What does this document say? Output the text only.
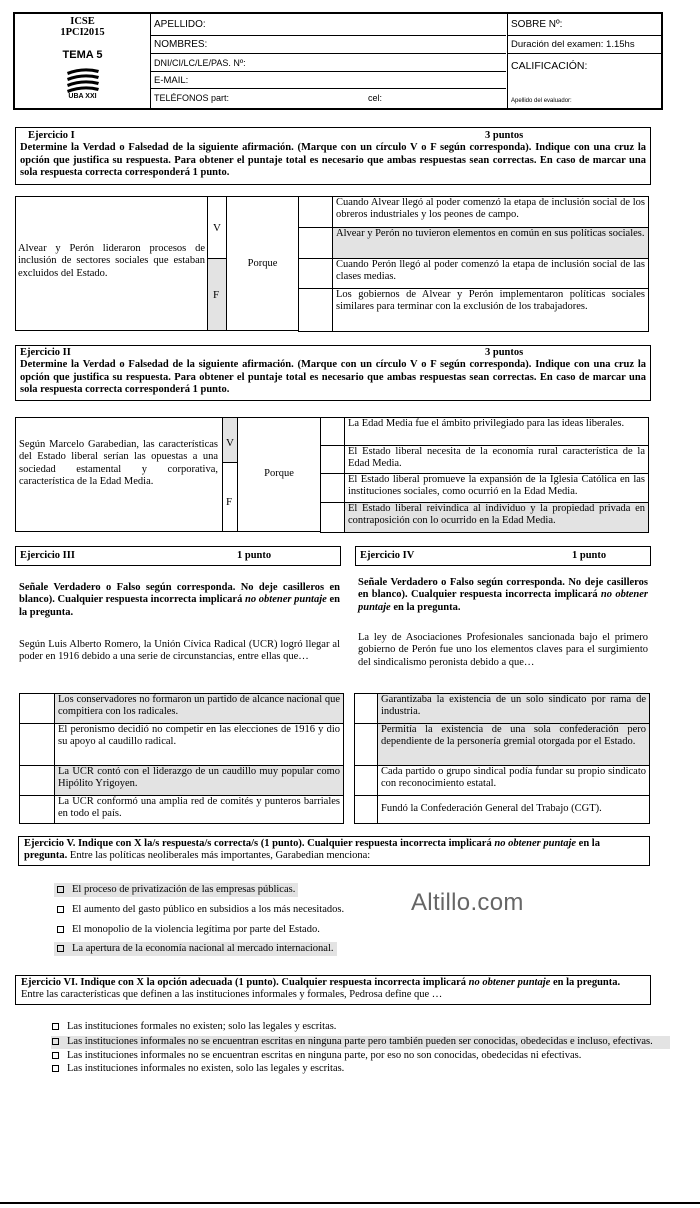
ICSE
1PCI2015
TEMA 5
UBA XXI
APELLIDO:
NOMBRES:
DNI/CI/LC/LE/PAS. Nº:
E-MAIL:
TELÉFONOS part:	cel:
SOBRE Nº:
Duración del examen: 1.15hs
CALIFICACIÓN:
Apellido del evaluador:
Ejercicio I	3 puntos
Determine la Verdad o Falsedad de la siguiente afirmación. (Marque con un círculo V o F según corresponda). Indique con una cruz la opción que justifica su respuesta. Para obtener el puntaje total es necesario que ambas respuestas sean correctas. En caso de marcar una sola respuesta correcta corresponderá 1 punto.
Alvear y Perón lideraron procesos de inclusión de sectores sociales que estaban excluidos del Estado.
V
F
Porque
	Cuando Alvear llegó al poder comenzó la etapa de inclusión social de los obreros industriales y los peones de campo.
	Alvear y Perón no tuvieron elementos en común en sus políticas sociales.
	Cuando Perón llegó al poder comenzó la etapa de inclusión social de las clases medias.
	Los gobiernos de Alvear y Perón implementaron políticas sociales similares para terminar con la exclusión de los trabajadores.
Ejercicio II	3 puntos
Determine la Verdad o Falsedad de la siguiente afirmación. (Marque con un círculo V o F según corresponda). Indique con una cruz la opción que justifica su respuesta. Para obtener el puntaje total es necesario que ambas respuestas sean correctas. En caso de marcar una sola respuesta correcta corresponderá 1 punto.
Según Marcelo Garabedian, las características del Estado liberal serían las opuestas a una sociedad estamental y corporativa, característica de la Edad Media.
V
F
Porque
	La Edad Media fue el ámbito privilegiado para las ideas liberales.
	El Estado liberal necesita de la economía rural característica de la Edad Media.
	El Estado liberal promueve la expansión de la Iglesia Católica en las instituciones sociales, como ocurrió en la Edad Media.
	El Estado liberal reivindica al individuo y la propiedad privada en contraposición con lo ocurrido en la Edad Media.
Ejercicio III	1 punto
Señale Verdadero o Falso según corresponda. No deje casilleros en blanco). Cualquier respuesta incorrecta implicará no obtener puntaje en la pregunta.
Según Luis Alberto Romero, la Unión Cívica Radical (UCR) logró llegar al poder en 1916 debido a una serie de circunstancias, entre ellas que…
	Los conservadores no formaron un partido de alcance nacional que compitiera con los radicales.
	El peronismo decidió no competir en las elecciones de 1916 y dio su apoyo al caudillo radical.
	La UCR contó con el liderazgo de un caudillo muy popular como Hipólito Yrigoyen.
	La UCR conformó una amplia red de comités y punteros barriales en todo el país.
Ejercicio IV	1 punto
Señale Verdadero o Falso según corresponda. No deje casilleros en blanco). Cualquier respuesta incorrecta implicará no obtener puntaje en la pregunta.
La ley de Asociaciones Profesionales sancionada bajo el primero gobierno de Perón fue uno los elementos claves para el surgimiento del sindicalismo peronista debido a que…
	Garantizaba la existencia de un solo sindicato por rama de industria.
	Permitía la existencia de una sola confederación pero dependiente de la personería gremial otorgada por el Estado.
	Cada partido o grupo sindical podía fundar su propio sindicato con reconocimiento estatal.
	Fundó la Confederación General del Trabajo (CGT).
Ejercicio V. Indique con X la/s respuesta/s correcta/s (1 punto). Cualquier respuesta incorrecta implicará no obtener puntaje en la pregunta. Entre las políticas neoliberales más importantes, Garabedian menciona:
El proceso de privatización de las empresas públicas.
El aumento del gasto público en subsidios a los más necesitados.
El monopolio de la violencia legítima por parte del Estado.
La apertura de la economía nacional al mercado internacional.
Altillo.com
Ejercicio VI. Indique con X la opción adecuada (1 punto). Cualquier respuesta incorrecta implicará no obtener puntaje en la pregunta. Entre las características que definen a las instituciones informales y formales, Pedrosa define que …
Las instituciones formales no existen; solo las legales y escritas.
Las instituciones informales no se encuentran escritas en ninguna parte pero también pueden ser conocidas, obedecidas e incluso, efectivas.
Las instituciones informales no se encuentran escritas en ninguna parte, por eso no son conocidas, obedecidas ni efectivas.
Las instituciones informales no existen, solo las legales y escritas.
